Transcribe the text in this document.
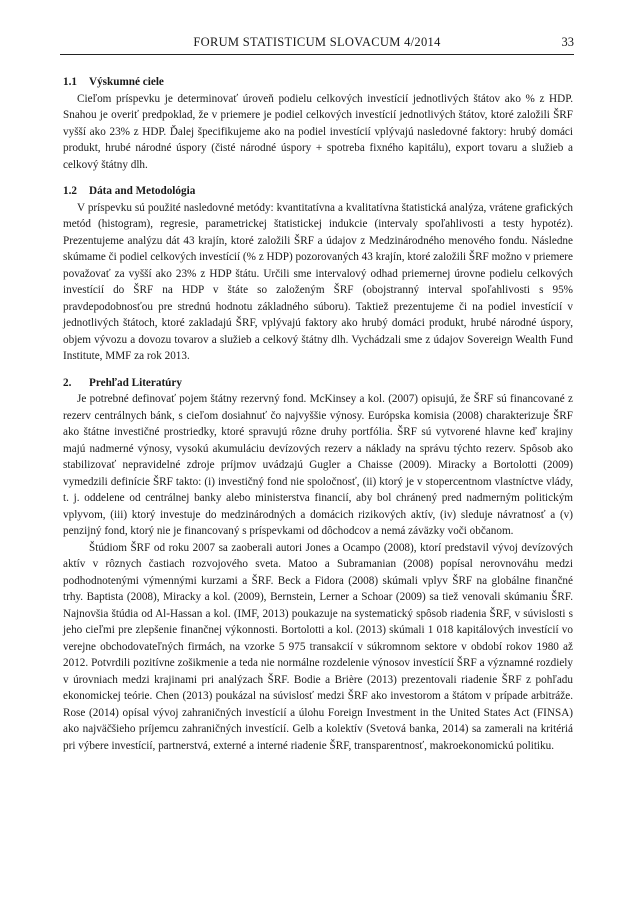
FORUM STATISTICUM SLOVACUM 4/2014	33
1.1 Výskumné ciele

Cieľom príspevku je determinovať úroveň podielu celkových investícií jednotlivých štátov ako % z HDP. Snahou je overiť predpoklad, že v priemere je podiel celkových investícií jednotlivých štátov, ktoré založili ŠRF vyšší ako 23% z HDP. Ďalej špecifikujeme ako na podiel investícií vplývajú nasledovné faktory: hrubý domáci produkt, hrubé národné úspory (čisté národné úspory + spotreba fixného kapitálu), export tovaru a služieb a celkový štátny dlh.

1.2 Dáta and Metodológia

V príspevku sú použité nasledovné metódy: kvantitatívna a kvalitatívna štatistická analýza, vrátene grafických metód (histogram), regresie, parametrickej štatistickej indukcie (intervaly spoľahlivosti a testy hypotéz). Prezentujeme analýzu dát 43 krajín, ktoré založili ŠRF a údajov z Medzinárodného menového fondu. Následne skúmame či podiel celkových investícií (% z HDP) pozorovaných 43 krajín, ktoré založili ŠRF možno v priemere považovať za vyšší ako 23% z HDP štátu. Určili sme intervalový odhad priemernej úrovne podielu celkových investícií do ŠRF na HDP v štáte so založeným ŠRF (obojstranný interval spoľahlivosti s 95% pravdepodobnosťou pre strednú hodnotu základného súboru). Taktiež prezentujeme či na podiel investícií v jednotlivých štátoch, ktoré zakladajú ŠRF, vplývajú faktory ako hrubý domáci produkt, hrubé národné úspory, objem vývozu a dovozu tovarov a služieb a celkový štátny dlh. Vychádzali sme z údajov Sovereign Wealth Fund Institute, MMF za rok 2013.

2. Prehľad Literatúry

Je potrebné definovať pojem štátny rezervný fond. McKinsey a kol. (2007) opisujú, že ŠRF sú financované z rezerv centrálnych bánk, s cieľom dosiahnuť čo najvyššie výnosy. Európska komisia (2008) charakterizuje ŠRF ako štátne investičné prostriedky, ktoré spravujú rôzne druhy portfólia. ŠRF sú vytvorené hlavne keď krajiny majú nadmerné výnosy, vysokú akumuláciu devízových rezerv a náklady na správu týchto rezerv. Spôsob ako stabilizovať nepravidelné zdroje príjmov uvádzajú Gugler a Chaisse (2009). Miracky a Bortolotti (2009) vymedzili definície ŠRF takto: (i) investičný fond nie spoločnosť, (ii) ktorý je v stopercentnom vlastníctve vlády, t. j. oddelene od centrálnej banky alebo ministerstva financií, aby bol chránený pred nadmerným politickým vplyvom, (iii) ktorý investuje do medzinárodných a domácich rizikových aktív, (iv) sleduje návratnosť a (v) penzijný fond, ktorý nie je financovaný s príspevkami od dôchodcov a nemá záväzky voči občanom.

Štúdiom ŠRF od roku 2007 sa zaoberali autori Jones a Ocampo (2008), ktorí predstavil vývoj devízových aktív v rôznych častiach rozvojového sveta. Matoo a Subramanian (2008) popísal nerovnováhu medzi podhodnotenými výmennými kurzami a ŠRF. Beck a Fidora (2008) skúmali vplyv ŠRF na globálne finančné trhy. Baptista (2008), Miracky a kol. (2009), Bernstein, Lerner a Schoar (2009) sa tiež venovali skúmaniu ŠRF. Najnovšia štúdia od Al-Hassan a kol. (IMF, 2013) poukazuje na systematický spôsob riadenia ŠRF, v súvislosti s jeho cieľmi pre zlepšenie finančnej výkonnosti. Bortolotti a kol. (2013) skúmali 1 018 kapitálových investícií vo verejne obchodovateľných firmách, na vzorke 5 975 transakcií v súkromnom sektore v období rokov 1980 až 2012. Potvrdili pozitívne zošikmenie a teda nie normálne rozdelenie výnosov investícií ŠRF a významné rozdiely v úrovniach medzi krajinami pri analýzach ŠRF. Bodie a Brière (2013) prezentovali riadenie ŠRF z pohľadu ekonomickej teórie. Chen (2013) poukázal na súvislosť medzi ŠRF ako investorom a štátom v prípade arbitráže. Rose (2014) opísal vývoj zahraničných investícií a úlohu Foreign Investment in the United States Act (FINSA) ako najväčšieho príjemcu zahraničných investícií. Gelb a kolektív (Svetová banka, 2014) sa zamerali na kritériá pri výbere investícií, partnerstvá, externé a interné riadenie ŠRF, transparentnosť, makroekonomickú politiku.
